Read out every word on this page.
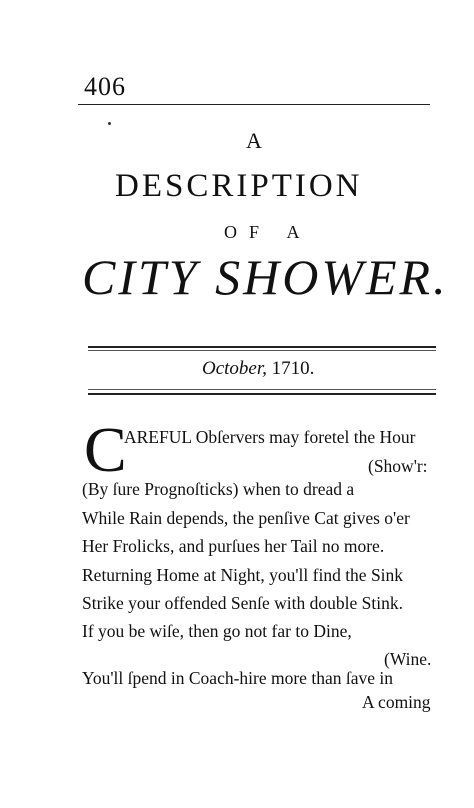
406
A
DESCRIPTION
OF A
CITY SHOWER.
October, 1710.
C
AREFUL Obſervers may foretel the Hour
(Show'r:
(By ſure Prognoſticks) when to dread a
While Rain depends, the penſive Cat gives o'er
Her Frolicks, and purſues her Tail no more.
Returning Home at Night, you'll find the Sink
Strike your offended Senſe with double Stink.
If you be wiſe, then go not far to Dine,
(Wine.
You'll ſpend in Coach-hire more than ſave in
A coming
